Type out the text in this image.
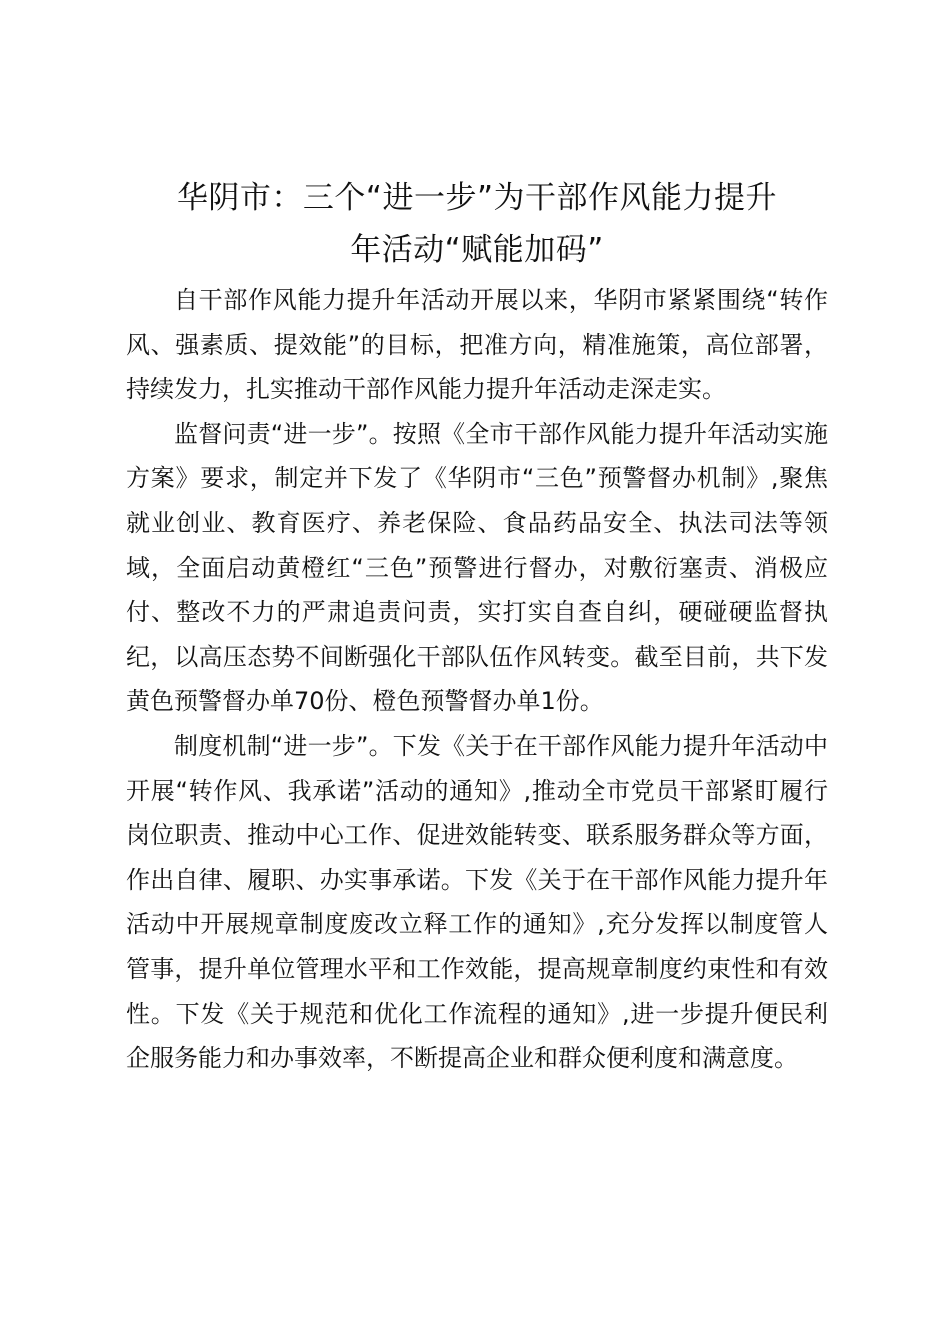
华阴市：三个“进一步”为干部作风能力提升
年活动“赋能加码”

自干部作风能力提升年活动开展以来，华阴市紧紧围绕“转作风、强素质、提效能”的目标，把准方向，精准施策，高位部署，持续发力，扎实推动干部作风能力提升年活动走深走实。

监督问责“进一步”。按照《全市干部作风能力提升年活动实施方案》要求，制定并下发了《华阴市“三色”预警督办机制》,聚焦就业创业、教育医疗、养老保险、食品药品安全、执法司法等领域，全面启动黄橙红“三色”预警进行督办，对敷衍塞责、消极应付、整改不力的严肃追责问责，实打实自查自纠，硬碰硬监督执纪，以高压态势不间断强化干部队伍作风转变。截至目前，共下发黄色预警督办单70份、橙色预警督办单1份。

制度机制“进一步”。下发《关于在干部作风能力提升年活动中开展“转作风、我承诺”活动的通知》,推动全市党员干部紧盯履行岗位职责、推动中心工作、促进效能转变、联系服务群众等方面，作出自律、履职、办实事承诺。下发《关于在干部作风能力提升年活动中开展规章制度废改立释工作的通知》,充分发挥以制度管人管事，提升单位管理水平和工作效能，提高规章制度约束性和有效性。下发《关于规范和优化工作流程的通知》,进一步提升便民利企服务能力和办事效率，不断提高企业和群众便利度和满意度。
